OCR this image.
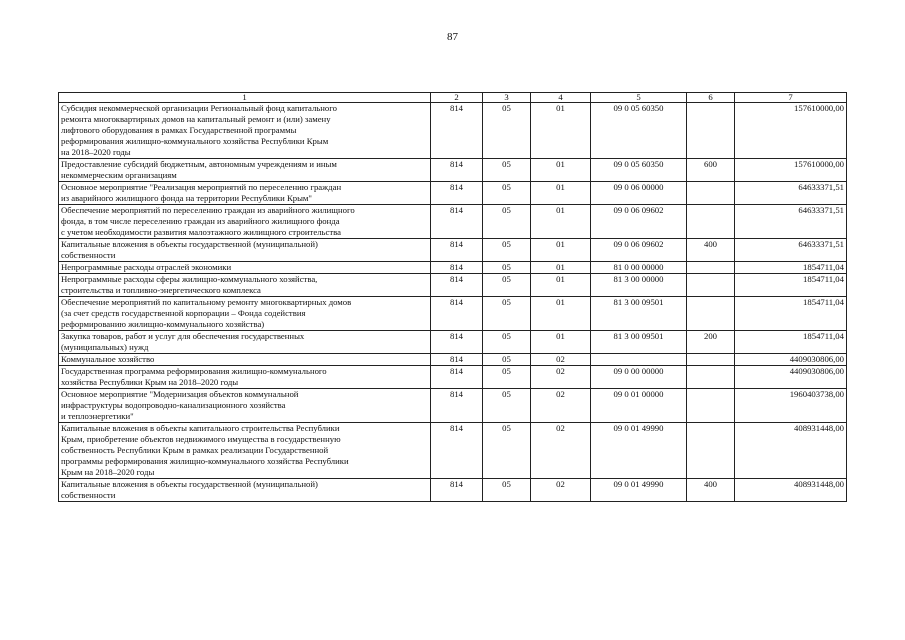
87
1	2	3	4	5	6	7
Субсидия некоммерческой организации Региональный фонд капитального
ремонта многоквартирных домов на капитальный ремонт и (или) замену
лифтового оборудования в рамках Государственной программы
реформирования жилищно-коммунального хозяйства Республики Крым
на 2018–2020 годы	814	05	01	09 0 05 60350		157610000,00
Предоставление субсидий бюджетным, автономным учреждениям и иным
некоммерческим организациям	814	05	01	09 0 05 60350	600	157610000,00
Основное мероприятие "Реализация мероприятий по переселению граждан
из аварийного жилищного фонда на территории Республики Крым"	814	05	01	09 0 06 00000		64633371,51
Обеспечение мероприятий по переселению граждан из аварийного жилищного
фонда, в том числе переселению граждан из аварийного жилищного фонда
с учетом необходимости развития малоэтажного жилищного строительства	814	05	01	09 0 06 09602		64633371,51
Капитальные вложения в объекты государственной (муниципальной)
собственности	814	05	01	09 0 06 09602	400	64633371,51
Непрограммные расходы отраслей экономики	814	05	01	81 0 00 00000		1854711,04
Непрограммные расходы сферы жилищно-коммунального хозяйства,
строительства и топливно-энергетического комплекса	814	05	01	81 3 00 00000		1854711,04
Обеспечение мероприятий по капитальному ремонту многоквартирных домов
(за счет средств государственной корпорации – Фонда содействия
реформированию жилищно-коммунального хозяйства)	814	05	01	81 3 00 09501		1854711,04
Закупка товаров, работ и услуг для обеспечения государственных
(муниципальных) нужд	814	05	01	81 3 00 09501	200	1854711,04
Коммунальное хозяйство	814	05	02			4409030806,00
Государственная программа реформирования жилищно-коммунального
хозяйства Республики Крым на 2018–2020 годы	814	05	02	09 0 00 00000		4409030806,00
Основное мероприятие "Модернизация объектов коммунальной
инфраструктуры водопроводно-канализационного хозяйства
и теплоэнергетики"	814	05	02	09 0 01 00000		1960403738,00
Капитальные вложения в объекты капитального строительства Республики
Крым, приобретение объектов недвижимого имущества в государственную
собственность Республики Крым в рамках реализации Государственной
программы реформирования жилищно-коммунального хозяйства Республики
Крым на 2018–2020 годы	814	05	02	09 0 01 49990		408931448,00
Капитальные вложения в объекты государственной (муниципальной)
собственности	814	05	02	09 0 01 49990	400	408931448,00
